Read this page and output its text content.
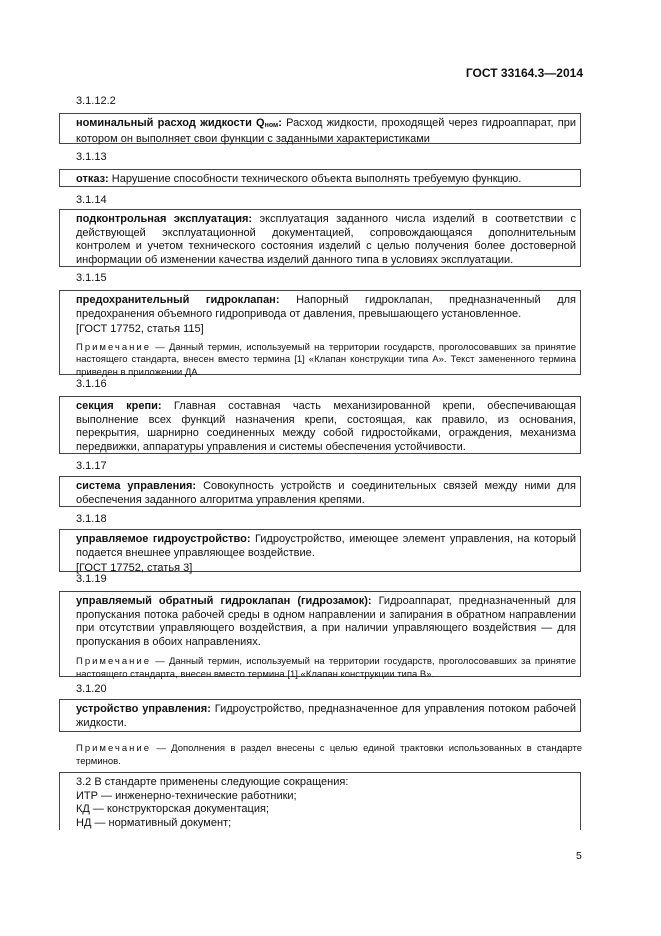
ГОСТ 33164.3—2014
3.1.12.2
номинальный расход жидкости $Q_{ном}$: Расход жидкости, проходящей через гидроаппарат, при котором он выполняет свои функции с заданными характеристиками
3.1.13
отказ: Нарушение способности технического объекта выполнять требуемую функцию.
3.1.14
подконтрольная эксплуатация: эксплуатация заданного числа изделий в соответствии с действующей эксплуатационной документацией, сопровождающаяся дополнительным контролем и учетом технического состояния изделий с целью получения более достоверной информации об изменении качества изделий данного типа в условиях эксплуатации.
3.1.15
предохранительный гидроклапан: Напорный гидроклапан, предназначенный для предохранения объемного гидропривода от давления, превышающего установленное.
[ГОСТ 17752, статья 115]
Примечание — Данный термин, используемый на территории государств, проголосовавших за принятие настоящего стандарта, внесен вместо термина [1] «Клапан конструкции типа А». Текст замененного термина приведен в приложении ДА.
3.1.16
секция крепи: Главная составная часть механизированной крепи, обеспечивающая выполнение всех функций назначения крепи, состоящая, как правило, из основания, перекрытия, шарнирно соединенных между собой гидростойками, ограждения, механизма передвижки, аппаратуры управления и системы обеспечения устойчивости.
3.1.17
система управления: Совокупность устройств и соединительных связей между ними для обеспечения заданного алгоритма управления крепями.
3.1.18
управляемое гидроустройство: Гидроустройство, имеющее элемент управления, на который подается внешнее управляющее воздействие.
[ГОСТ 17752, статья 3]
3.1.19
управляемый обратный гидроклапан (гидрозамок): Гидроаппарат, предназначенный для пропускания потока рабочей среды в одном направлении и запирания в обратном направлении при отсутствии управляющего воздействия, а при наличии управляющего воздействия — для пропускания в обоих направлениях.
Примечание — Данный термин, используемый на территории государств, проголосовавших за принятие настоящего стандарта, внесен вместо термина [1] «Клапан конструкции типа В».
3.1.20
устройство управления: Гидроустройство, предназначенное для управления потоком рабочей жидкости.
Примечание — Дополнения в раздел внесены с целью единой трактовки использованных в стандарте терминов.
3.2 В стандарте применены следующие сокращения:
ИТР — инженерно-технические работники;
КД — конструкторская документация;
НД — нормативный документ;
5
